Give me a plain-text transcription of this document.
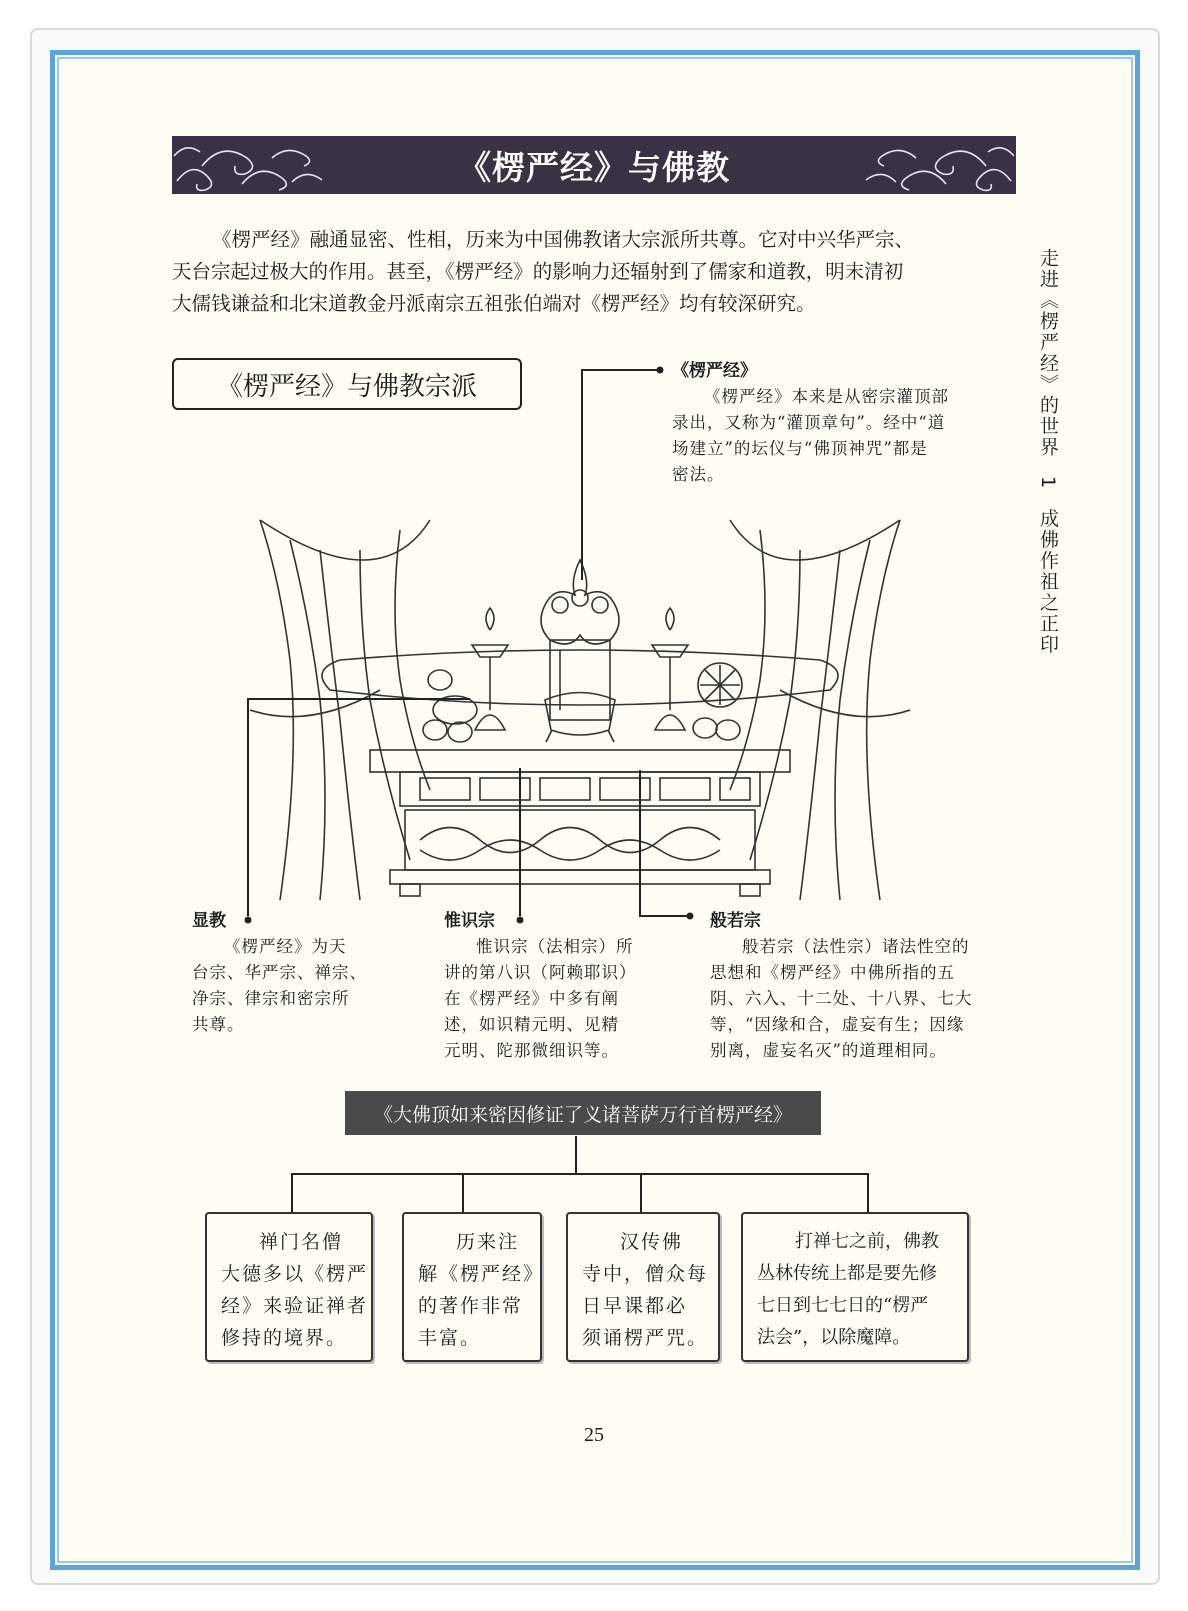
《楞严经》与佛教

《楞严经》融通显密、性相，历来为中国佛教诸大宗派所共尊。它对中兴华严宗、
天台宗起过极大的作用。甚至，《楞严经》的影响力还辐射到了儒家和道教，明末清初
大儒钱谦益和北宋道教金丹派南宗五祖张伯端对《楞严经》均有较深研究。	走进《楞严经》的世界 1 成佛作祖之正印
《楞严经》与佛教宗派
《楞严经》
《楞严经》本来是从密宗灌顶部
录出，又称为“灌顶章句”。经中“道
场建立”的坛仪与“佛顶神咒”都是
密法。
显教
《楞严经》为天
台宗、华严宗、禅宗、
净宗、律宗和密宗所
共尊。
惟识宗
惟识宗（法相宗）所
讲的第八识（阿赖耶识）
在《楞严经》中多有阐
述，如识精元明、见精
元明、陀那微细识等。
般若宗
般若宗（法性宗）诸法性空的
思想和《楞严经》中佛所指的五
阴、六入、十二处、十八界、七大
等，“因缘和合，虚妄有生；因缘
别离，虚妄名灭”的道理相同。
《大佛顶如来密因修证了义诸菩萨万行首楞严经》
禅门名僧
大德多以《楞严
经》来验证禅者
修持的境界。
历来注
解《楞严经》
的著作非常
丰富。
汉传佛
寺中，僧众每
日早课都必
须诵楞严咒。
打禅七之前，佛教
丛林传统上都是要先修
七日到七七日的“楞严
法会”，以除魔障。
25
